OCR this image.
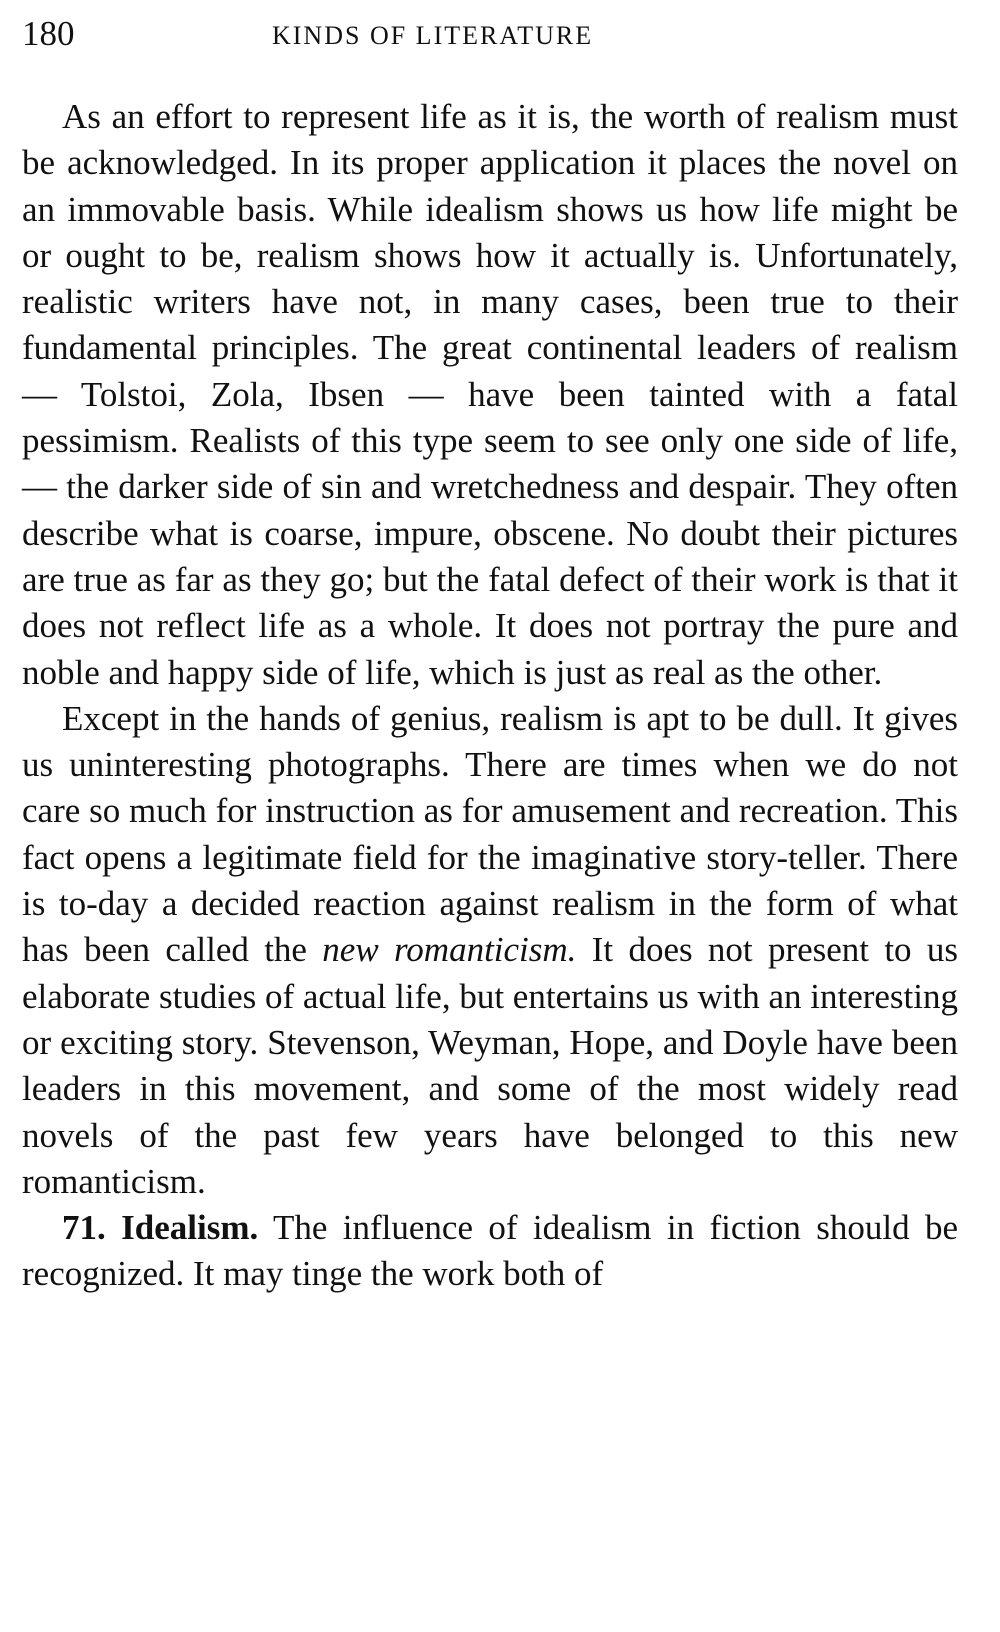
180	KINDS OF LITERATURE

As an effort to represent life as it is, the worth of realism must be acknowledged. In its proper application it places the novel on an immovable basis. While idealism shows us how life might be or ought to be, realism shows how it actually is. Unfortunately, realistic writers have not, in many cases, been true to their fundamental principles. The great continental leaders of realism — Tolstoi, Zola, Ibsen — have been tainted with a fatal pessimism. Realists of this type seem to see only one side of life, — the darker side of sin and wretchedness and despair. They often describe what is coarse, impure, obscene. No doubt their pictures are true as far as they go; but the fatal defect of their work is that it does not reflect life as a whole. It does not portray the pure and noble and happy side of life, which is just as real as the other.

Except in the hands of genius, realism is apt to be dull. It gives us uninteresting photographs. There are times when we do not care so much for instruction as for amusement and recreation. This fact opens a legitimate field for the imaginative story-teller. There is to-day a decided reaction against realism in the form of what has been called the new romanticism. It does not present to us elaborate studies of actual life, but entertains us with an interesting or exciting story. Stevenson, Weyman, Hope, and Doyle have been leaders in this movement, and some of the most widely read novels of the past few years have belonged to this new romanticism.

71. Idealism. The influence of idealism in fiction should be recognized. It may tinge the work both of
